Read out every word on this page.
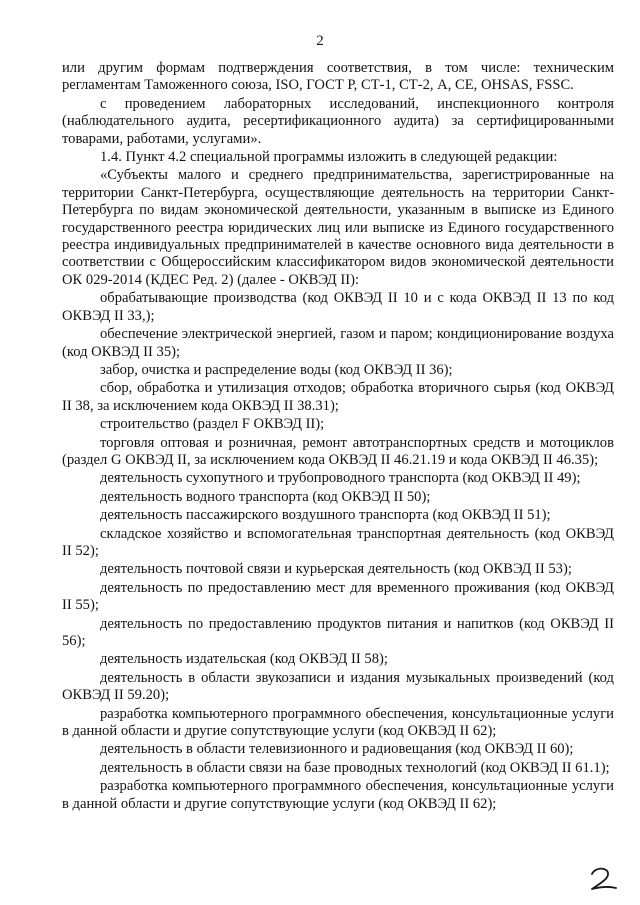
2

или другим формам подтверждения соответствия, в том числе: техническим регламентам Таможенного союза, ISO, ГОСТ Р, СТ-1, СТ-2, А, CE, OHSAS, FSSC.

с проведением лабораторных исследований, инспекционного контроля (наблюдательного аудита, ресертификационного аудита) за сертифицированными товарами, работами, услугами».

1.4. Пункт 4.2 специальной программы изложить в следующей редакции:

«Субъекты малого и среднего предпринимательства, зарегистрированные на территории Санкт-Петербурга, осуществляющие деятельность на территории Санкт-Петербурга по видам экономической деятельности, указанным в выписке из Единого государственного реестра юридических лиц или выписке из Единого государственного реестра индивидуальных предпринимателей в качестве основного вида деятельности в соответствии с Общероссийским классификатором видов экономической деятельности ОК 029-2014 (КДЕС Ред. 2) (далее - ОКВЭД II):

обрабатывающие производства (код ОКВЭД II 10 и с кода ОКВЭД II 13 по код ОКВЭД II 33,);

обеспечение электрической энергией, газом и паром; кондиционирование воздуха (код ОКВЭД II 35);

забор, очистка и распределение воды (код ОКВЭД II 36);

сбор, обработка и утилизация отходов; обработка вторичного сырья (код ОКВЭД II 38, за исключением кода ОКВЭД II 38.31);

строительство (раздел F ОКВЭД II);

торговля оптовая и розничная, ремонт автотранспортных средств и мотоциклов (раздел G ОКВЭД II, за исключением кода ОКВЭД II 46.21.19 и кода ОКВЭД II 46.35);

деятельность сухопутного и трубопроводного транспорта (код ОКВЭД II 49);

деятельность водного транспорта (код ОКВЭД II 50);

деятельность пассажирского воздушного транспорта (код ОКВЭД II 51);

складское хозяйство и вспомогательная транспортная деятельность (код ОКВЭД II 52);

деятельность почтовой связи и курьерская деятельность (код ОКВЭД II 53);

деятельность по предоставлению мест для временного проживания (код ОКВЭД II 55);

деятельность по предоставлению продуктов питания и напитков (код ОКВЭД II 56);

деятельность издательская (код ОКВЭД II 58);

деятельность в области звукозаписи и издания музыкальных произведений (код ОКВЭД II 59.20);

разработка компьютерного программного обеспечения, консультационные услуги в данной области и другие сопутствующие услуги (код ОКВЭД II 62);

деятельность в области телевизионного и радиовещания (код ОКВЭД II 60);

деятельность в области связи на базе проводных технологий (код ОКВЭД II 61.1);

разработка компьютерного программного обеспечения, консультационные услуги в данной области и другие сопутствующие услуги (код ОКВЭД II 62);
